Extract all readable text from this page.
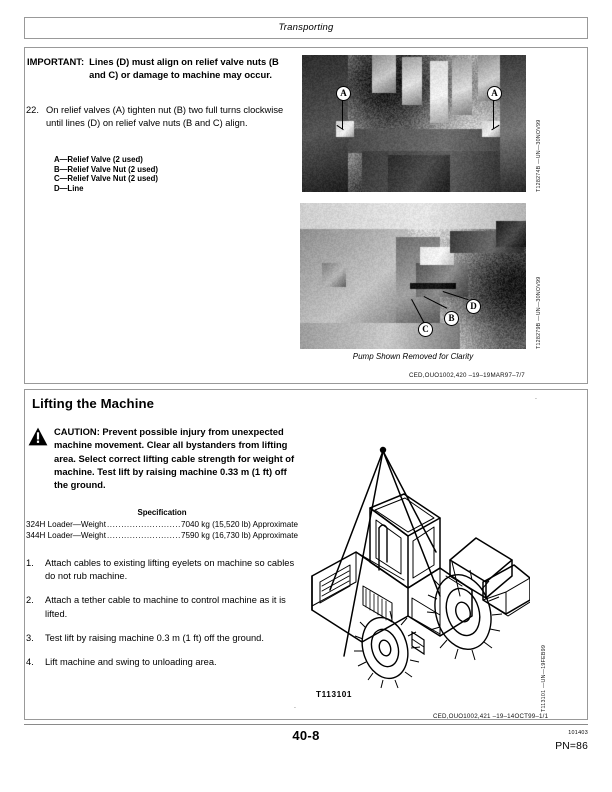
Transporting
IMPORTANT: Lines (D) must align on relief valve nuts (B and C) or damage to machine may occur.
22. On relief valves (A) tighten nut (B) two full turns clockwise until lines (D) on relief valve nuts (B and C) align.
A—Relief Valve (2 used)
B—Relief Valve Nut (2 used)
C—Relief Valve Nut (2 used)
D—Line
A	A
T128274B —UN—30NOV99
D
B
C	T128279B —UN—30NOV99
Pump Shown Removed for Clarity
CED,OUO1002,420 –19–19MAR97–7/7
Lifting the Machine	.
CAUTION: Prevent possible injury from unexpected machine movement. Clear all bystanders from lifting area. Select correct lifting cable strength for weight of machine. Test lift by raising machine 0.33 m (1 ft) off the ground.
Specification
324H Loader—Weight .......................... 7040 kg (15,520 lb) Approximate
344H Loader—Weight .......................... 7590 kg (16,730 lb) Approximate
1.	Attach cables to existing lifting eyelets on machine so cables do not rub machine.
2.	Attach a tether cable to machine to control machine as it is lifted.
3.	Test lift by raising machine 0.3 m (1 ft) off the ground.
4.	Lift machine and swing to unloading area.
T113101	T113101 —UN—19FEB99
.
CED,OUO1002,421 –19–14OCT99–1/1
40-8	101403
PN=86
